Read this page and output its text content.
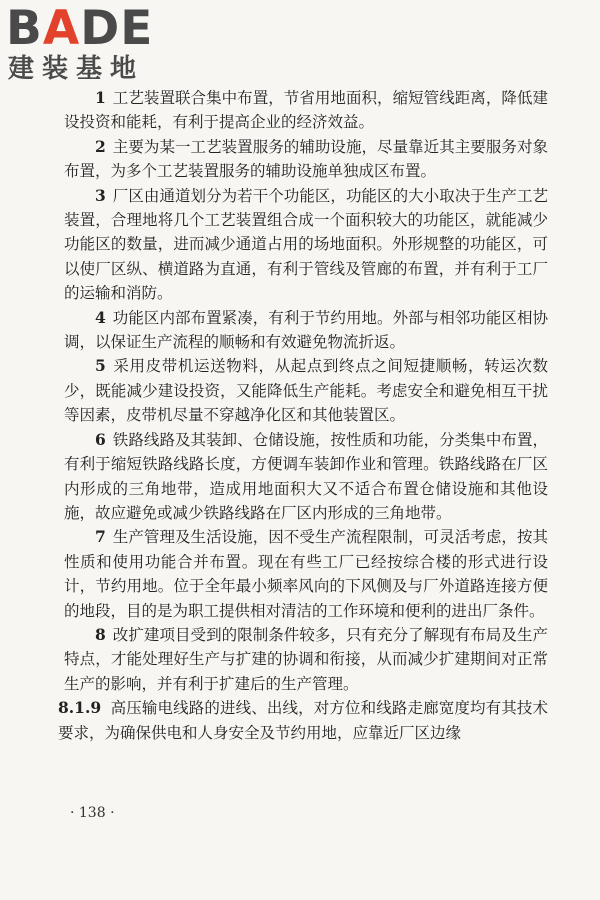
BADE
建装基地

1 工艺装置联合集中布置，节省用地面积，缩短管线距离，降低建设投资和能耗，有利于提高企业的经济效益。

2 主要为某一工艺装置服务的辅助设施，尽量靠近其主要服务对象布置，为多个工艺装置服务的辅助设施单独成区布置。

3 厂区由通道划分为若干个功能区，功能区的大小取决于生产工艺装置，合理地将几个工艺装置组合成一个面积较大的功能区，就能减少功能区的数量，进而减少通道占用的场地面积。外形规整的功能区，可以使厂区纵、横道路为直通，有利于管线及管廊的布置，并有利于工厂的运输和消防。

4 功能区内部布置紧凑，有利于节约用地。外部与相邻功能区相协调，以保证生产流程的顺畅和有效避免物流折返。

5 采用皮带机运送物料，从起点到终点之间短捷顺畅，转运次数少，既能减少建设投资，又能降低生产能耗。考虑安全和避免相互干扰等因素，皮带机尽量不穿越净化区和其他装置区。

6 铁路线路及其装卸、仓储设施，按性质和功能，分类集中布置，有利于缩短铁路线路长度，方便调车装卸作业和管理。铁路线路在厂区内形成的三角地带，造成用地面积大又不适合布置仓储设施和其他设施，故应避免或减少铁路线路在厂区内形成的三角地带。

7 生产管理及生活设施，因不受生产流程限制，可灵活考虑，按其性质和使用功能合并布置。现在有些工厂已经按综合楼的形式进行设计，节约用地。位于全年最小频率风向的下风侧及与厂外道路连接方便的地段，目的是为职工提供相对清洁的工作环境和便利的进出厂条件。

8 改扩建项目受到的限制条件较多，只有充分了解现有布局及生产特点，才能处理好生产与扩建的协调和衔接，从而减少扩建期间对正常生产的影响，并有利于扩建后的生产管理。

8.1.9 高压输电线路的进线、出线，对方位和线路走廊宽度均有其技术要求，为确保供电和人身安全及节约用地，应靠近厂区边缘

· 138 ·
